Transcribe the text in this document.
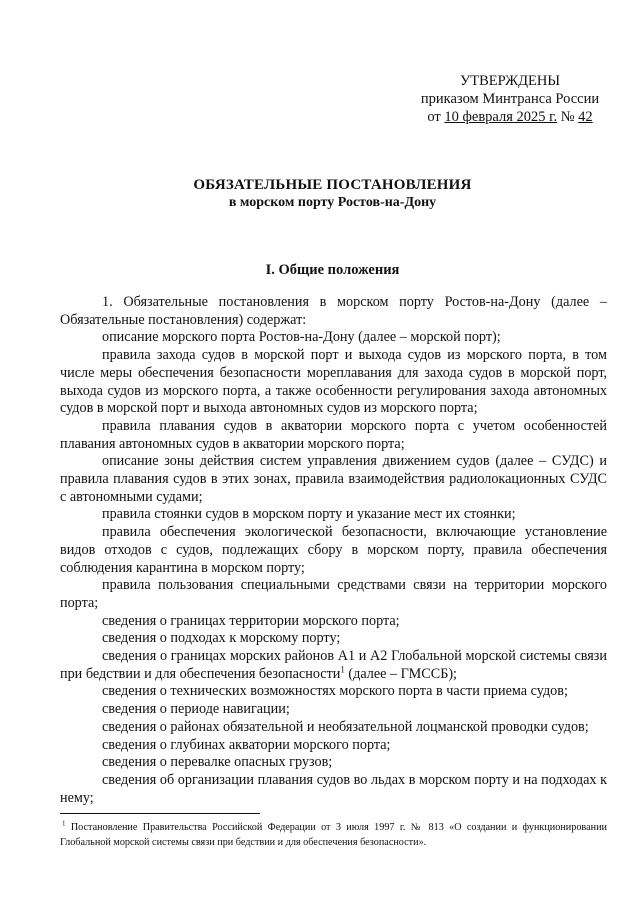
УТВЕРЖДЕНЫ
приказом Минтранса России
от 10 февраля 2025 г. № 42
ОБЯЗАТЕЛЬНЫЕ ПОСТАНОВЛЕНИЯ
в морском порту Ростов-на-Дону
I. Общие положения

1. Обязательные постановления в морском порту Ростов-на-Дону (далее – Обязательные постановления) содержат:

описание морского порта Ростов-на-Дону (далее – морской порт);

правила захода судов в морской порт и выхода судов из морского порта, в том числе меры обеспечения безопасности мореплавания для захода судов в морской порт, выхода судов из морского порта, а также особенности регулирования захода автономных судов в морской порт и выхода автономных судов из морского порта;

правила плавания судов в акватории морского порта с учетом особенностей плавания автономных судов в акватории морского порта;

описание зоны действия систем управления движением судов (далее – СУДС) и правила плавания судов в этих зонах, правила взаимодействия радиолокационных СУДС с автономными судами;

правила стоянки судов в морском порту и указание мест их стоянки;

правила обеспечения экологической безопасности, включающие установление видов отходов с судов, подлежащих сбору в морском порту, правила обеспечения соблюдения карантина в морском порту;

правила пользования специальными средствами связи на территории морского порта;

сведения о границах территории морского порта;

сведения о подходах к морскому порту;

сведения о границах морских районов А1 и А2 Глобальной морской системы связи при бедствии и для обеспечения безопасности$^1$ (далее – ГМССБ);

сведения о технических возможностях морского порта в части приема судов;

сведения о периоде навигации;

сведения о районах обязательной и необязательной лоцманской проводки судов;

сведения о глубинах акватории морского порта;

сведения о перевалке опасных грузов;

сведения об организации плавания судов во льдах в морском порту и на подходах к нему;

$^1$ Постановление Правительства Российской Федерации от 3 июля 1997 г. № 813 «О создании и функционировании Глобальной морской системы связи при бедствии и для обеспечения безопасности».
